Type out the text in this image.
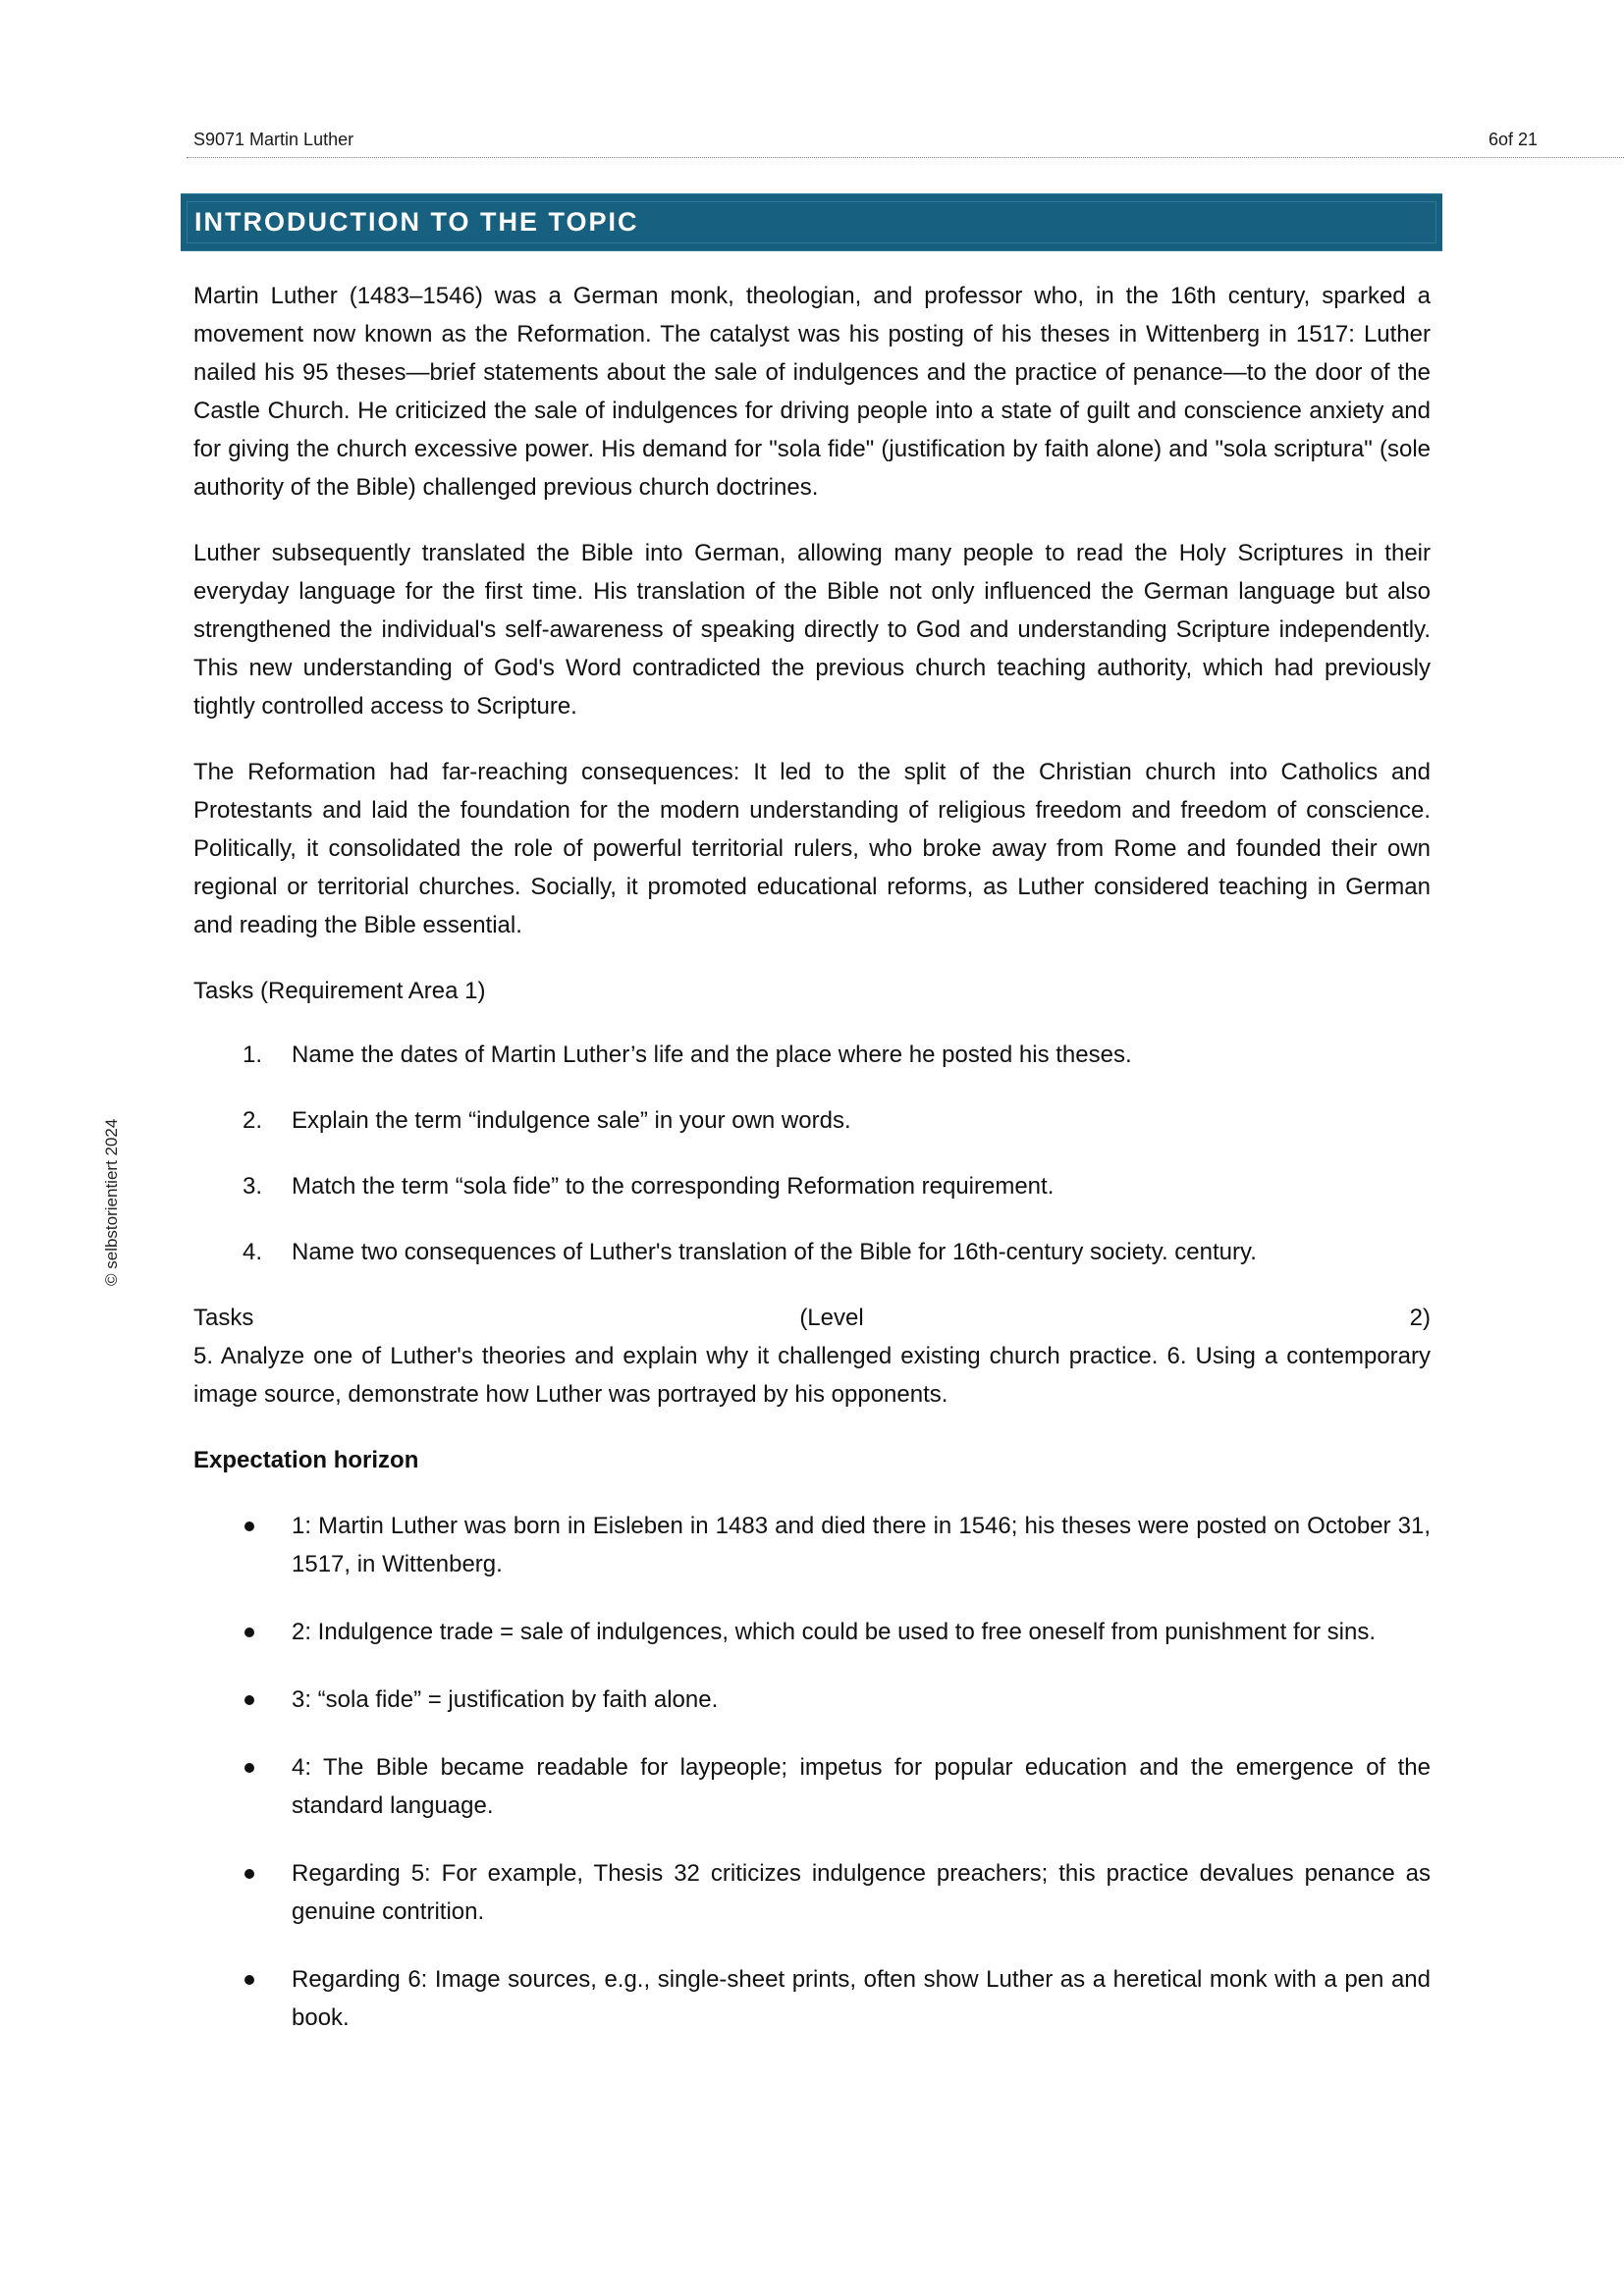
S9071 Martin Luther	6of 21
INTRODUCTION TO THE TOPIC
© selbstorientiert 2024

Martin Luther (1483–1546) was a German monk, theologian, and professor who, in the 16th century, sparked a movement now known as the Reformation. The catalyst was his posting of his theses in Wittenberg in 1517: Luther nailed his 95 theses—brief statements about the sale of indulgences and the practice of penance—to the door of the Castle Church. He criticized the sale of indulgences for driving people into a state of guilt and conscience anxiety and for giving the church excessive power. His demand for "sola fide" (justification by faith alone) and "sola scriptura" (sole authority of the Bible) challenged previous church doctrines.

Luther subsequently translated the Bible into German, allowing many people to read the Holy Scriptures in their everyday language for the first time. His translation of the Bible not only influenced the German language but also strengthened the individual's self-awareness of speaking directly to God and understanding Scripture independently. This new understanding of God's Word contradicted the previous church teaching authority, which had previously tightly controlled access to Scripture.

The Reformation had far-reaching consequences: It led to the split of the Christian church into Catholics and Protestants and laid the foundation for the modern understanding of religious freedom and freedom of conscience. Politically, it consolidated the role of powerful territorial rulers, who broke away from Rome and founded their own regional or territorial churches. Socially, it promoted educational reforms, as Luther considered teaching in German and reading the Bible essential.

Tasks (Requirement Area 1)

1. Name the dates of Martin Luther’s life and the place where he posted his theses.
2. Explain the term “indulgence sale” in your own words.
3. Match the term “sola fide” to the corresponding Reformation requirement.
4. Name two consequences of Luther's translation of the Bible for 16th-century society. century.
Tasks	(Level	2)

5. Analyze one of Luther's theories and explain why it challenged existing church practice. 6. Using a contemporary image source, demonstrate how Luther was portrayed by his opponents.

Expectation horizon

1: Martin Luther was born in Eisleben in 1483 and died there in 1546; his theses were posted on October 31, 1517, in Wittenberg.
2: Indulgence trade = sale of indulgences, which could be used to free oneself from punishment for sins.
3: “sola fide” = justification by faith alone.
4: The Bible became readable for laypeople; impetus for popular education and the emergence of the standard language.
Regarding 5: For example, Thesis 32 criticizes indulgence preachers; this practice devalues penance as genuine contrition.
Regarding 6: Image sources, e.g., single-sheet prints, often show Luther as a heretical monk with a pen and book.
